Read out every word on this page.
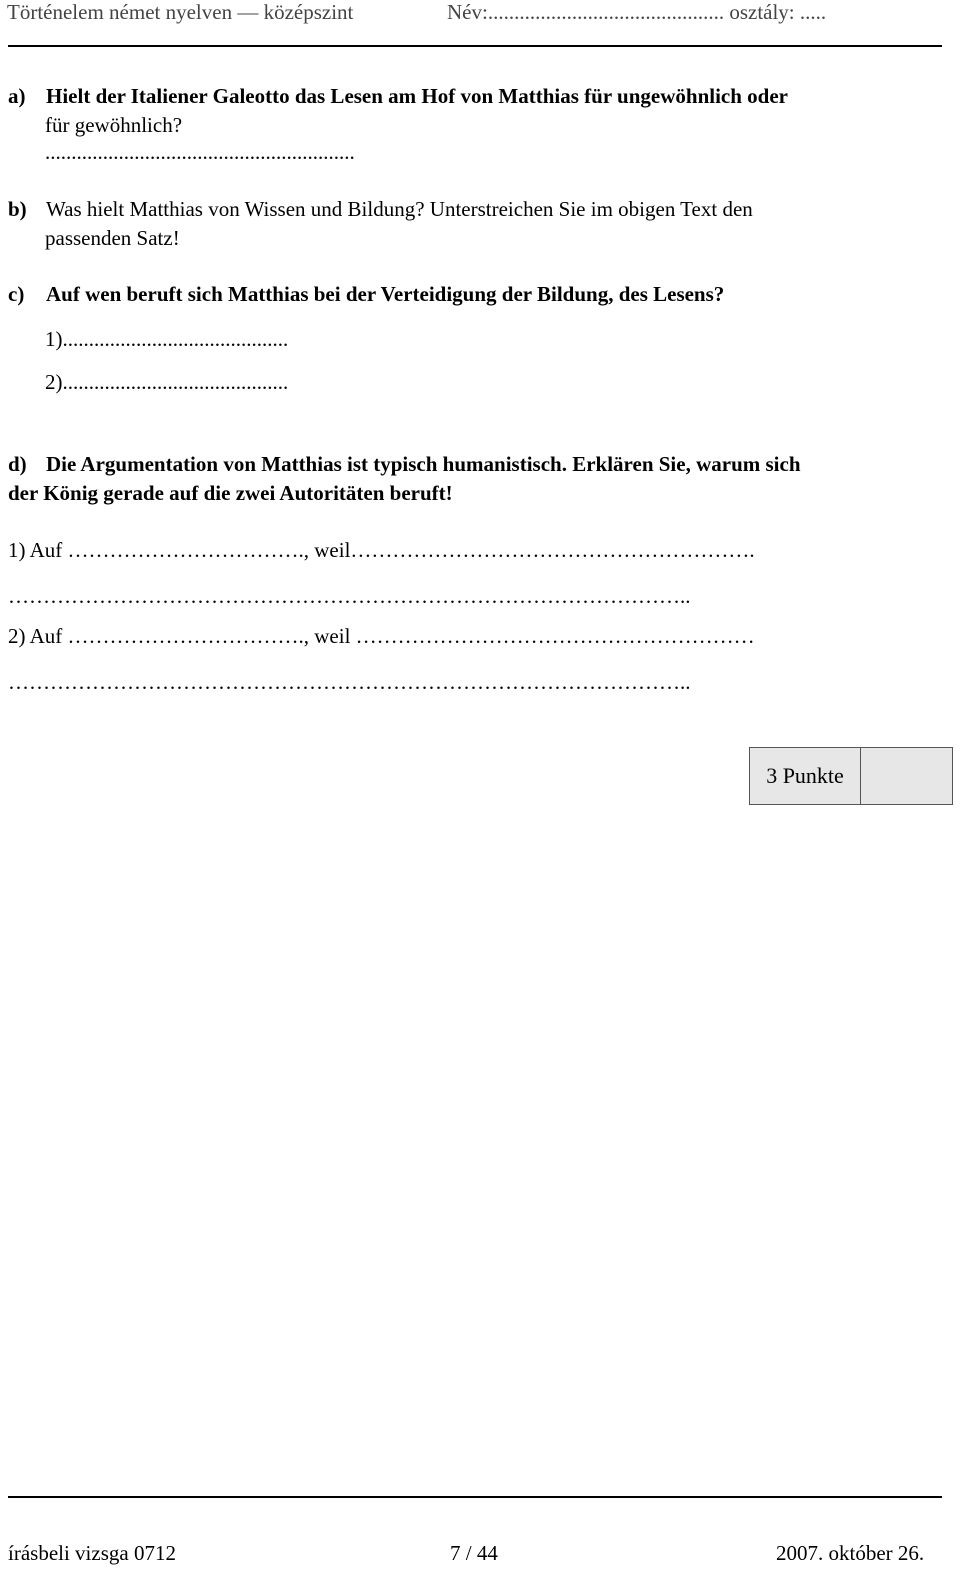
Történelem német nyelven — középszint	Név:............................................. osztály: .....
a) Hielt der Italiener Galeotto das Lesen am Hof von Matthias für ungewöhnlich oder
für gewöhnlich?
...........................................................
b) Was hielt Matthias von Wissen und Bildung? Unterstreichen Sie im obigen Text den
passenden Satz!
c) Auf wen beruft sich Matthias bei der Verteidigung der Bildung, des Lesens?
1)...........................................
2)...........................................
d) Die Argumentation von Matthias ist typisch humanistisch. Erklären Sie, warum sich
der König gerade auf die zwei Autoritäten beruft!
1) Auf ……………………………., weil………………………………………………….
……………………………………………………………………………………..
2) Auf ……………………………., weil …………………………………………………
……………………………………………………………………………………..
3 Punkte
írásbeli vizsga 0712	7 / 44	2007. október 26.
